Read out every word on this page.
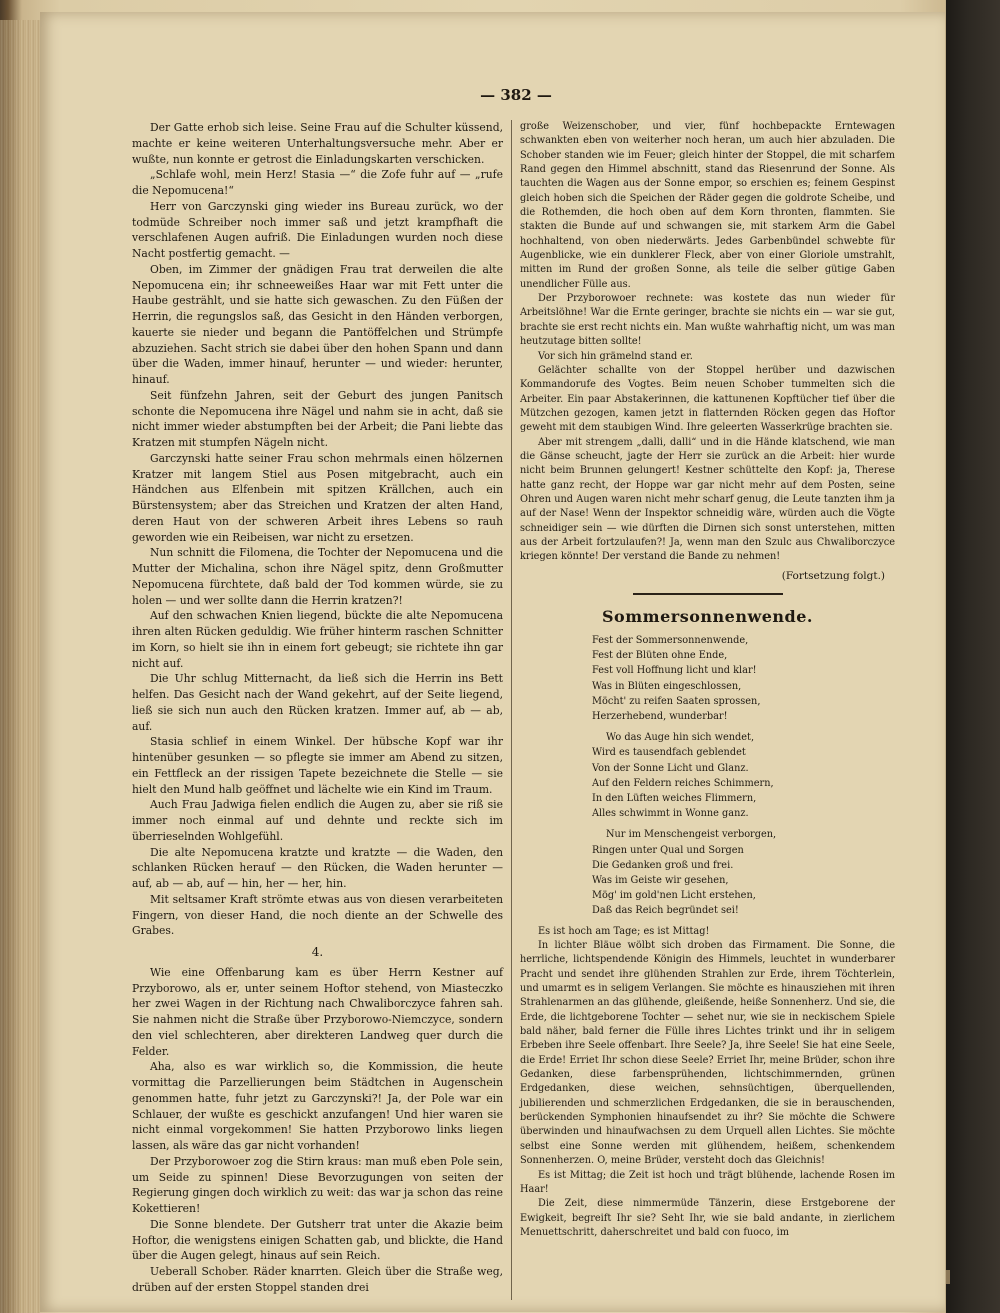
— 382 —

Der Gatte erhob sich leise. Seine Frau auf die Schulter küssend, machte er keine weiteren Unterhaltungsversuche mehr. Aber er wußte, nun konnte er getrost die Einladungskarten verschicken.

„Schlafe wohl, mein Herz! Stasia —“ die Zofe fuhr auf — „rufe die Nepomucena!“

Herr von Garczynski ging wieder ins Bureau zurück, wo der todmüde Schreiber noch immer saß und jetzt krampfhaft die verschlafenen Augen aufriß. Die Einladungen wurden noch diese Nacht postfertig gemacht. —

Oben, im Zimmer der gnädigen Frau trat derweilen die alte Nepomucena ein; ihr schneeweißes Haar war mit Fett unter die Haube gestrählt, und sie hatte sich gewaschen. Zu den Füßen der Herrin, die regungslos saß, das Gesicht in den Händen verborgen, kauerte sie nieder und begann die Pantöffelchen und Strümpfe abzuziehen. Sacht strich sie dabei über den hohen Spann und dann über die Waden, immer hinauf, herunter — und wieder: herunter, hinauf.

Seit fünfzehn Jahren, seit der Geburt des jungen Panitsch schonte die Nepomucena ihre Nägel und nahm sie in acht, daß sie nicht immer wieder abstumpften bei der Arbeit; die Pani liebte das Kratzen mit stumpfen Nägeln nicht.

Garczynski hatte seiner Frau schon mehrmals einen hölzernen Kratzer mit langem Stiel aus Posen mitgebracht, auch ein Händchen aus Elfenbein mit spitzen Krällchen, auch ein Bürstensystem; aber das Streichen und Kratzen der alten Hand, deren Haut von der schweren Arbeit ihres Lebens so rauh geworden wie ein Reibeisen, war nicht zu ersetzen.

Nun schnitt die Filomena, die Tochter der Nepomucena und die Mutter der Michalina, schon ihre Nägel spitz, denn Großmutter Nepomucena fürchtete, daß bald der Tod kommen würde, sie zu holen — und wer sollte dann die Herrin kratzen?!

Auf den schwachen Knien liegend, bückte die alte Nepomucena ihren alten Rücken geduldig. Wie früher hinterm raschen Schnitter im Korn, so hielt sie ihn in einem fort gebeugt; sie richtete ihn gar nicht auf.

Die Uhr schlug Mitternacht, da ließ sich die Herrin ins Bett helfen. Das Gesicht nach der Wand gekehrt, auf der Seite liegend, ließ sie sich nun auch den Rücken kratzen. Immer auf, ab — ab, auf.

Stasia schlief in einem Winkel. Der hübsche Kopf war ihr hintenüber gesunken — so pflegte sie immer am Abend zu sitzen, ein Fettfleck an der rissigen Tapete bezeichnete die Stelle — sie hielt den Mund halb geöffnet und lächelte wie ein Kind im Traum.

Auch Frau Jadwiga fielen endlich die Augen zu, aber sie riß sie immer noch einmal auf und dehnte und reckte sich im überrieselnden Wohlgefühl.

Die alte Nepomucena kratzte und kratzte — die Waden, den schlanken Rücken herauf — den Rücken, die Waden herunter — auf, ab — ab, auf — hin, her — her, hin.

Mit seltsamer Kraft strömte etwas aus von diesen verarbeiteten Fingern, von dieser Hand, die noch diente an der Schwelle des Grabes.

4.

Wie eine Offenbarung kam es über Herrn Kestner auf Przyborowo, als er, unter seinem Hoftor stehend, von Miasteczko her zwei Wagen in der Richtung nach Chwaliborczyce fahren sah. Sie nahmen nicht die Straße über Przyborowo-Niemczyce, sondern den viel schlechteren, aber direkteren Landweg quer durch die Felder.

Aha, also es war wirklich so, die Kommission, die heute vormittag die Parzellierungen beim Städtchen in Augenschein genommen hatte, fuhr jetzt zu Garczynski?! Ja, der Pole war ein Schlauer, der wußte es geschickt anzufangen! Und hier waren sie nicht einmal vorgekommen! Sie hatten Przyborowo links liegen lassen, als wäre das gar nicht vorhanden!

Der Przyborowoer zog die Stirn kraus: man muß eben Pole sein, um Seide zu spinnen! Diese Bevorzugungen von seiten der Regierung gingen doch wirklich zu weit: das war ja schon das reine Kokettieren!

Die Sonne blendete. Der Gutsherr trat unter die Akazie beim Hoftor, die wenigstens einigen Schatten gab, und blickte, die Hand über die Augen gelegt, hinaus auf sein Reich.

Ueberall Schober. Räder knarrten. Gleich über die Straße weg, drüben auf der ersten Stoppel standen drei

große Weizenschober, und vier, fünf hochbepackte Erntewagen schwankten eben von weiterher noch heran, um auch hier abzuladen. Die Schober standen wie im Feuer; gleich hinter der Stoppel, die mit scharfem Rand gegen den Himmel abschnitt, stand das Riesenrund der Sonne. Als tauchten die Wagen aus der Sonne empor, so erschien es; feinem Gespinst gleich hoben sich die Speichen der Räder gegen die goldrote Scheibe, und die Rothemden, die hoch oben auf dem Korn thronten, flammten. Sie stakten die Bunde auf und schwangen sie, mit starkem Arm die Gabel hochhaltend, von oben niederwärts. Jedes Garbenbündel schwebte für Augenblicke, wie ein dunklerer Fleck, aber von einer Gloriole umstrahlt, mitten im Rund der großen Sonne, als teile die selber gütige Gaben unendlicher Fülle aus.

Der Przyborowoer rechnete: was kostete das nun wieder für Arbeitslöhne! War die Ernte geringer, brachte sie nichts ein — war sie gut, brachte sie erst recht nichts ein. Man wußte wahrhaftig nicht, um was man heutzutage bitten sollte!

Vor sich hin grämelnd stand er.

Gelächter schallte von der Stoppel herüber und dazwischen Kommandorufe des Vogtes. Beim neuen Schober tummelten sich die Arbeiter. Ein paar Abstakerinnen, die kattunenen Kopftücher tief über die Mützchen gezogen, kamen jetzt in flatternden Röcken gegen das Hoftor geweht mit dem staubigen Wind. Ihre geleerten Wasserkrüge brachten sie.

Aber mit strengem „dalli, dalli“ und in die Hände klatschend, wie man die Gänse scheucht, jagte der Herr sie zurück an die Arbeit: hier wurde nicht beim Brunnen gelungert! Kestner schüttelte den Kopf: ja, Therese hatte ganz recht, der Hoppe war gar nicht mehr auf dem Posten, seine Ohren und Augen waren nicht mehr scharf genug, die Leute tanzten ihm ja auf der Nase! Wenn der Inspektor schneidig wäre, würden auch die Vögte schneidiger sein — wie dürften die Dirnen sich sonst unterstehen, mitten aus der Arbeit fortzulaufen?! Ja, wenn man den Szulc aus Chwaliborczyce kriegen könnte! Der verstand die Bande zu nehmen!

(Fortsetzung folgt.)
Sommersonnenwende.
Fest der Sommersonnenwende,
Fest der Blüten ohne Ende,
Fest voll Hoffnung licht und klar!
Was in Blüten eingeschlossen,
Möcht' zu reifen Saaten sprossen,
Herzerhebend, wunderbar!
Wo das Auge hin sich wendet,
Wird es tausendfach geblendet
Von der Sonne Licht und Glanz.
Auf den Feldern reiches Schimmern,
In den Lüften weiches Flimmern,
Alles schwimmt in Wonne ganz.
Nur im Menschengeist verborgen,
Ringen unter Qual und Sorgen
Die Gedanken groß und frei.
Was im Geiste wir gesehen,
Mög' im gold'nen Licht erstehen,
Daß das Reich begründet sei!

Es ist hoch am Tage; es ist Mittag!

In lichter Bläue wölbt sich droben das Firmament. Die Sonne, die herrliche, lichtspendende Königin des Himmels, leuchtet in wunderbarer Pracht und sendet ihre glühenden Strahlen zur Erde, ihrem Töchterlein, und umarmt es in seligem Verlangen. Sie möchte es hinausziehen mit ihren Strahlenarmen an das glühende, gleißende, heiße Sonnenherz. Und sie, die Erde, die lichtgeborene Tochter — sehet nur, wie sie in neckischem Spiele bald näher, bald ferner die Fülle ihres Lichtes trinkt und ihr in seligem Erbeben ihre Seele offenbart. Ihre Seele? Ja, ihre Seele! Sie hat eine Seele, die Erde! Erriet Ihr schon diese Seele? Erriet Ihr, meine Brüder, schon ihre Gedanken, diese farbensprühenden, lichtschimmernden, grünen Erdgedanken, diese weichen, sehnsüchtigen, überquellenden, jubilierenden und schmerzlichen Erdgedanken, die sie in berauschenden, berückenden Symphonien hinaufsendet zu ihr? Sie möchte die Schwere überwinden und hinaufwachsen zu dem Urquell allen Lichtes. Sie möchte selbst eine Sonne werden mit glühendem, heißem, schenkendem Sonnenherzen. O, meine Brüder, versteht doch das Gleichnis!

Es ist Mittag; die Zeit ist hoch und trägt blühende, lachende Rosen im Haar!

Die Zeit, diese nimmermüde Tänzerin, diese Erstgeborene der Ewigkeit, begreift Ihr sie? Seht Ihr, wie sie bald andante, in zierlichem Menuettschritt, daherschreitet und bald con fuoco, im
